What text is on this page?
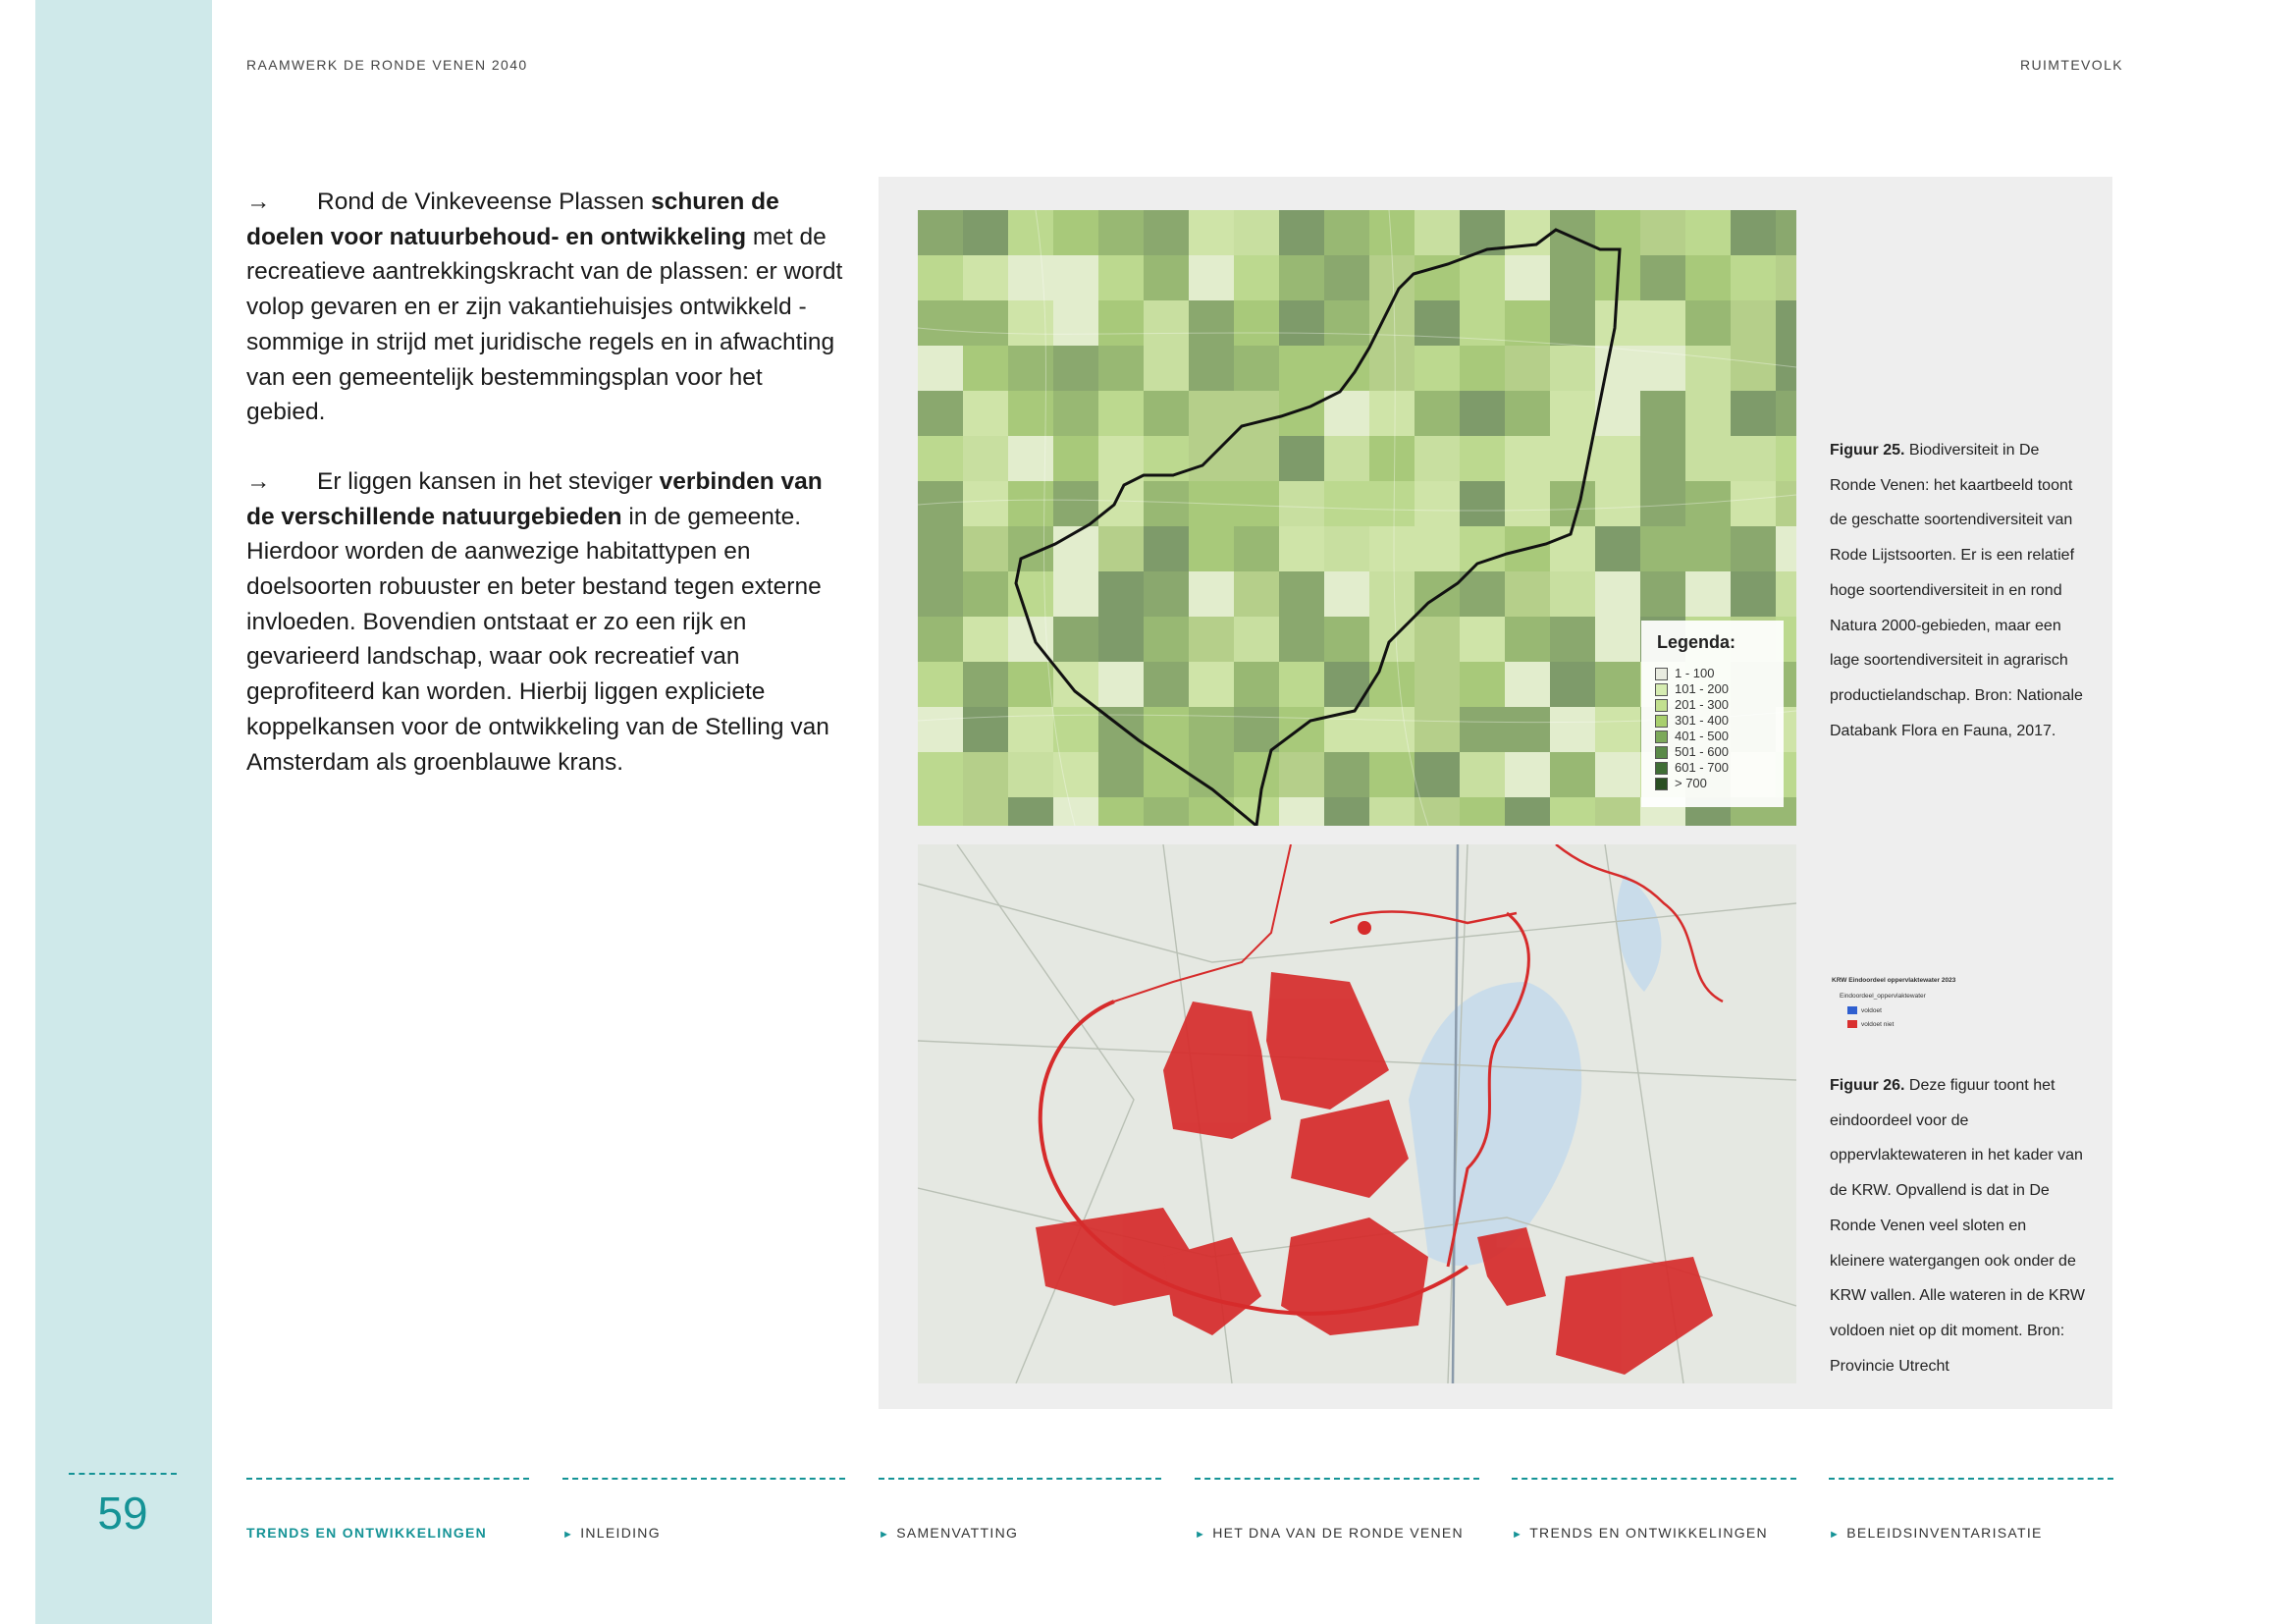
59
RAAMWERK DE RONDE VENEN 2040	RUIMTEVOLK

→ Rond de Vinkeveense Plassen schuren de doelen voor natuurbehoud- en ontwikkeling met de recreatieve aantrekkingskracht van de plassen: er wordt volop gevaren en er zijn vakantiehuisjes ontwikkeld - sommige in strijd met juridische regels en in afwachting van een gemeentelijk bestemmingsplan voor het gebied.

→ Er liggen kansen in het steviger verbinden van de verschillende natuurgebieden in de gemeente. Hierdoor worden de aanwezige habitattypen en doelsoorten robuuster en beter bestand tegen externe invloeden. Bovendien ontstaat er zo een rijk en gevarieerd landschap, waar ook recreatief van geprofiteerd kan worden. Hierbij liggen expliciete koppelkansen voor de ontwikkeling van de Stelling van Amsterdam als groenblauwe krans.

Legenda:
1 - 100
101 - 200
201 - 300
301 - 400
401 - 500
501 - 600
601 - 700
> 700
Figuur 25. Biodiversiteit in De Ronde Venen: het kaartbeeld toont de geschatte soortendiversiteit van Rode Lijstsoorten. Er is een relatief hoge soortendiversiteit in en rond Natura 2000-gebieden, maar een lage soortendiversiteit in agrarisch productielandschap. Bron: Nationale Databank Flora en Fauna, 2017.
KRW Eindoordeel oppervlaktewater 2023
Eindoordeel_oppervlaktewater
voldoet
voldoet niet
Figuur 26. Deze figuur toont het eindoordeel voor de oppervlaktewateren in het kader van de KRW. Opvallend is dat in De Ronde Venen veel sloten en kleinere watergangen ook onder de KRW vallen. Alle wateren in de KRW voldoen niet op dit moment. Bron: Provincie Utrecht
TRENDS EN ONTWIKKELINGEN	► INLEIDING	► SAMENVATTING	► HET DNA VAN DE RONDE VENEN	► TRENDS EN ONTWIKKELINGEN	► BELEIDSINVENTARISATIE
